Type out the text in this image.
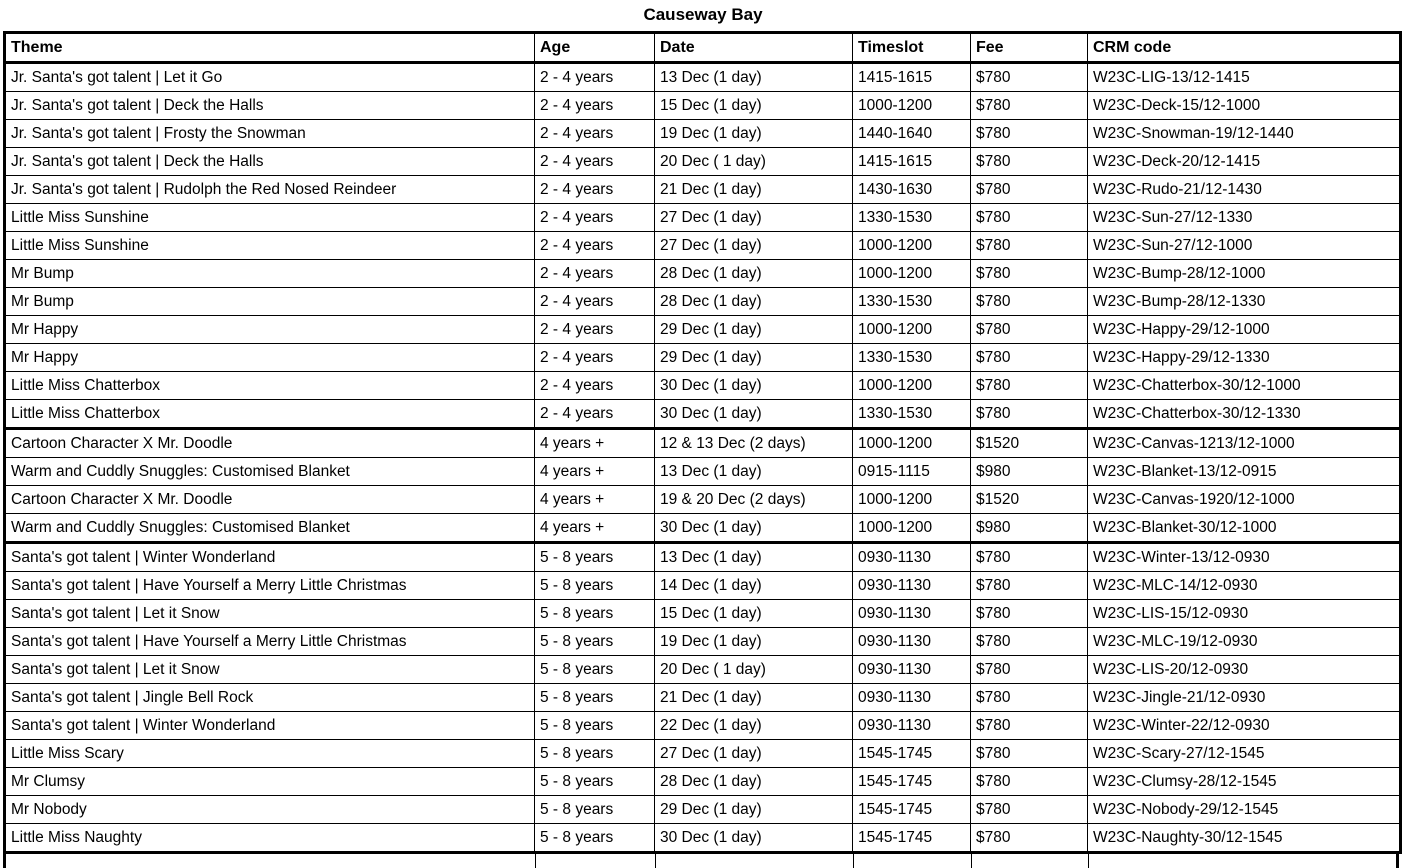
Causeway Bay
Theme	Age	Date	Timeslot	Fee	CRM code
Jr. Santa's got talent | Let it Go	2 - 4 years	13 Dec (1 day)	1415-1615	$780	W23C-LIG-13/12-1415
Jr. Santa's got talent | Deck the Halls	2 - 4 years	15 Dec (1 day)	1000-1200	$780	W23C-Deck-15/12-1000
Jr. Santa's got talent | Frosty the Snowman	2 - 4 years	19 Dec (1 day)	1440-1640	$780	W23C-Snowman-19/12-1440
Jr. Santa's got talent | Deck the Halls	2 - 4 years	20 Dec ( 1 day)	1415-1615	$780	W23C-Deck-20/12-1415
Jr. Santa's got talent | Rudolph the Red Nosed Reindeer	2 - 4 years	21 Dec (1 day)	1430-1630	$780	W23C-Rudo-21/12-1430
Little Miss Sunshine	2 - 4 years	27 Dec (1 day)	1330-1530	$780	W23C-Sun-27/12-1330
Little Miss Sunshine	2 - 4 years	27 Dec (1 day)	1000-1200	$780	W23C-Sun-27/12-1000
Mr Bump	2 - 4 years	28 Dec (1 day)	1000-1200	$780	W23C-Bump-28/12-1000
Mr Bump	2 - 4 years	28 Dec (1 day)	1330-1530	$780	W23C-Bump-28/12-1330
Mr Happy	2 - 4 years	29 Dec (1 day)	1000-1200	$780	W23C-Happy-29/12-1000
Mr Happy	2 - 4 years	29 Dec (1 day)	1330-1530	$780	W23C-Happy-29/12-1330
Little Miss Chatterbox	2 - 4 years	30 Dec (1 day)	1000-1200	$780	W23C-Chatterbox-30/12-1000
Little Miss Chatterbox	2 - 4 years	30 Dec (1 day)	1330-1530	$780	W23C-Chatterbox-30/12-1330
Cartoon Character X Mr. Doodle	4 years +	12 & 13 Dec (2 days)	1000-1200	$1520	W23C-Canvas-1213/12-1000
Warm and Cuddly Snuggles: Customised Blanket	4 years +	13 Dec (1 day)	0915-1115	$980	W23C-Blanket-13/12-0915
Cartoon Character X Mr. Doodle	4 years +	19 & 20 Dec (2 days)	1000-1200	$1520	W23C-Canvas-1920/12-1000
Warm and Cuddly Snuggles: Customised Blanket	4 years +	30 Dec (1 day)	1000-1200	$980	W23C-Blanket-30/12-1000
Santa's got talent | Winter Wonderland	5 - 8 years	13 Dec (1 day)	0930-1130	$780	W23C-Winter-13/12-0930
Santa's got talent | Have Yourself a Merry Little Christmas	5 - 8 years	14 Dec (1 day)	0930-1130	$780	W23C-MLC-14/12-0930
Santa's got talent | Let it Snow	5 - 8 years	15 Dec (1 day)	0930-1130	$780	W23C-LIS-15/12-0930
Santa's got talent | Have Yourself a Merry Little Christmas	5 - 8 years	19 Dec (1 day)	0930-1130	$780	W23C-MLC-19/12-0930
Santa's got talent | Let it Snow	5 - 8 years	20 Dec ( 1 day)	0930-1130	$780	W23C-LIS-20/12-0930
Santa's got talent | Jingle Bell Rock	5 - 8 years	21 Dec (1 day)	0930-1130	$780	W23C-Jingle-21/12-0930
Santa's got talent | Winter Wonderland	5 - 8 years	22 Dec (1 day)	0930-1130	$780	W23C-Winter-22/12-0930
Little Miss Scary	5 - 8 years	27 Dec (1 day)	1545-1745	$780	W23C-Scary-27/12-1545
Mr Clumsy	5 - 8 years	28 Dec (1 day)	1545-1745	$780	W23C-Clumsy-28/12-1545
Mr Nobody	5 - 8 years	29 Dec (1 day)	1545-1745	$780	W23C-Nobody-29/12-1545
Little Miss Naughty	5 - 8 years	30 Dec (1 day)	1545-1745	$780	W23C-Naughty-30/12-1545
